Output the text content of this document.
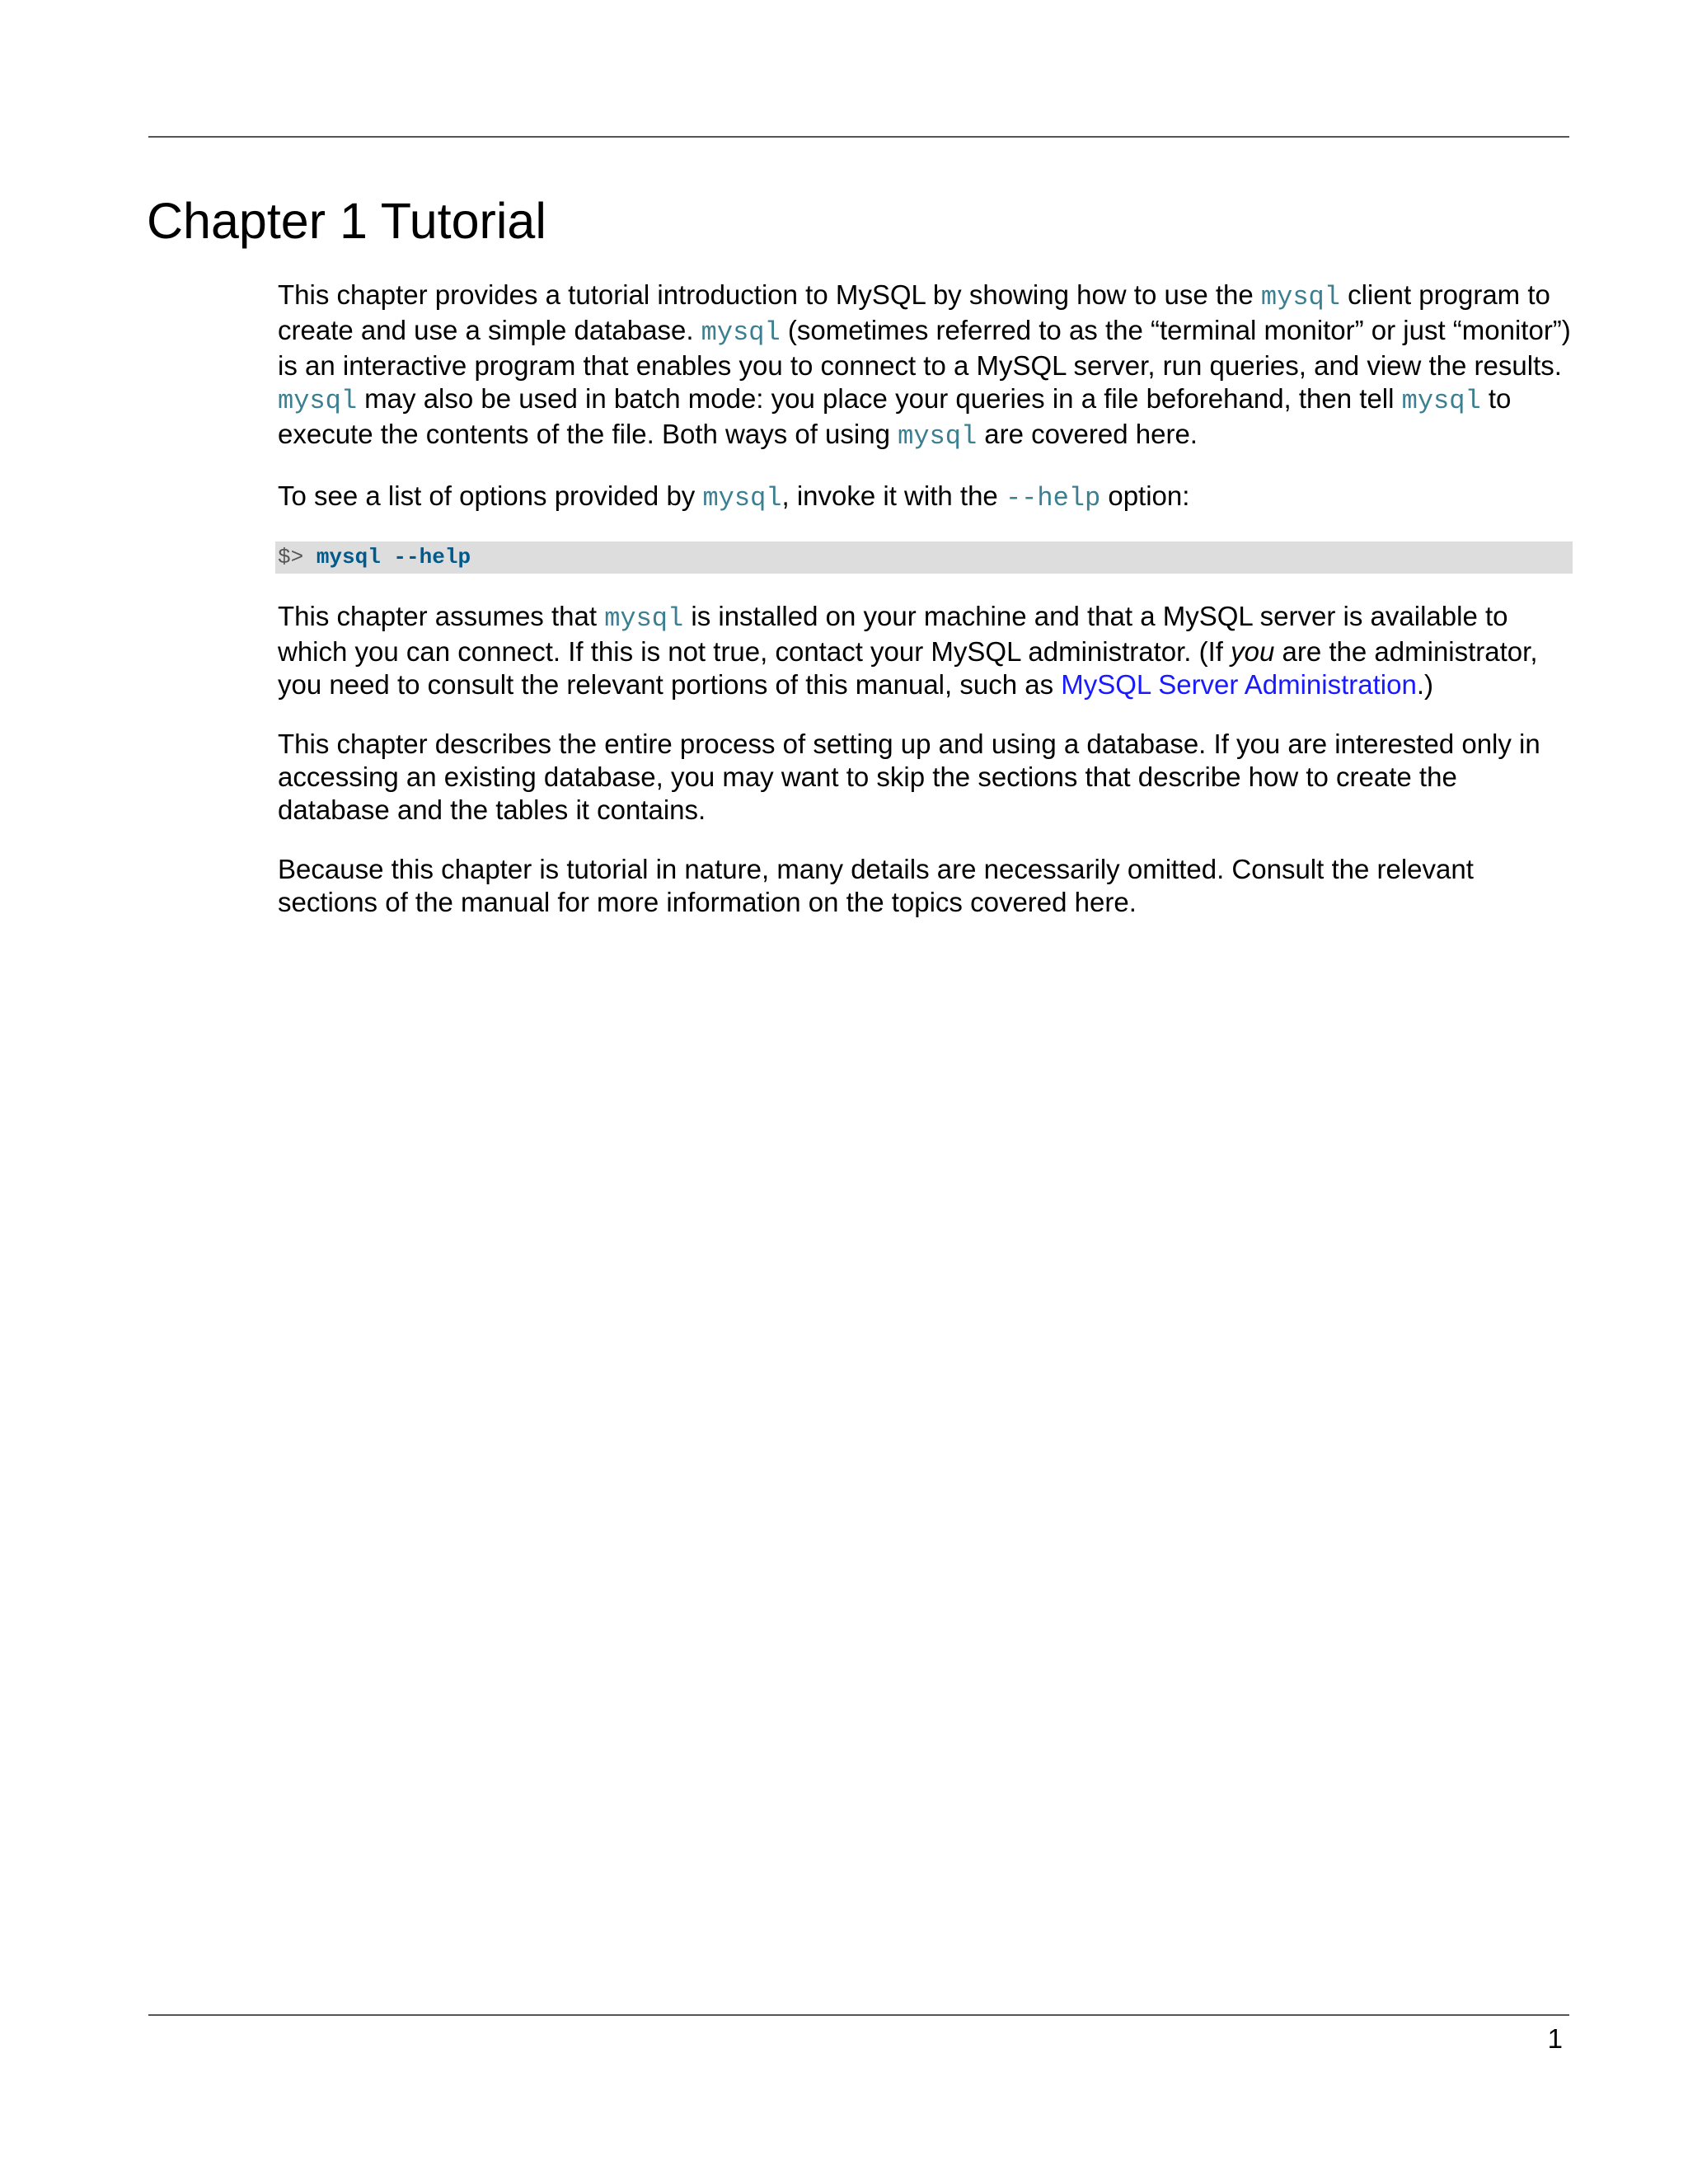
Chapter 1 Tutorial

This chapter provides a tutorial introduction to MySQL by showing how to use the mysql client program to create and use a simple database. mysql (sometimes referred to as the “terminal monitor” or just “monitor”) is an interactive program that enables you to connect to a MySQL server, run queries, and view the results. mysql may also be used in batch mode: you place your queries in a file beforehand, then tell mysql to execute the contents of the file. Both ways of using mysql are covered here.

To see a list of options provided by mysql, invoke it with the --help option:

$> mysql --help

This chapter assumes that mysql is installed on your machine and that a MySQL server is available to which you can connect. If this is not true, contact your MySQL administrator. (If you are the administrator, you need to consult the relevant portions of this manual, such as MySQL Server Administration.)

This chapter describes the entire process of setting up and using a database. If you are interested only in accessing an existing database, you may want to skip the sections that describe how to create the database and the tables it contains.

Because this chapter is tutorial in nature, many details are necessarily omitted. Consult the relevant sections of the manual for more information on the topics covered here.

1
